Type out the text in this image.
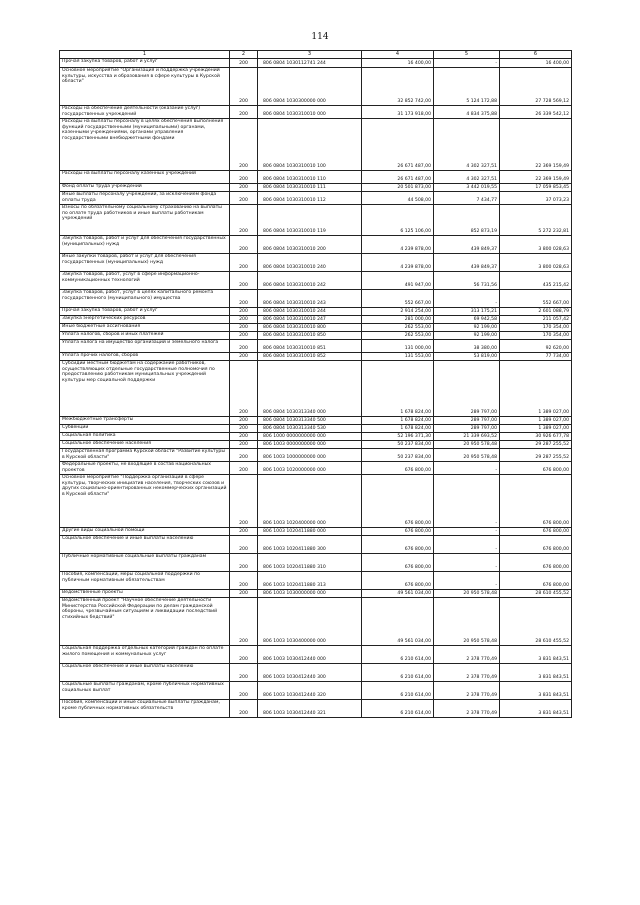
114
1	2	3	4	5	6
Прочая закупка товаров, работ и услуг	200	806 0804 1030112741 244	16 400,00	-	16 400,00
Основное мероприятие "Организация и поддержка учреждений культуры, искусства и образования в сфере культуры в Курской области"	200	806 0804 1030300000 000	32 852 742,00	5 124 172,88	27 728 569,12
Расходы на обеспечение деятельности (оказание услуг) государственных учреждений	200	806 0804 1030310010 000	31 173 918,00	4 834 375,88	26 339 542,12
Расходы на выплаты персоналу в целях обеспечения выполнения функций государственными (муниципальными) органами, казенными учреждениями, органами управления государственными внебюджетными фондами	200	806 0804 1030310010 100	26 671 487,00	4 302 327,51	22 369 159,49
Расходы на выплаты персоналу казенных учреждений	200	806 0804 1030310010 110	26 671 487,00	4 302 327,51	22 369 159,49
Фонд оплаты труда учреждений	200	806 0804 1030310010 111	20 501 873,00	3 442 019,55	17 059 853,45
Иные выплаты персоналу учреждений, за исключением фонда оплаты труда	200	806 0804 1030310010 112	44 508,00	7 434,77	37 073,23
Взносы по обязательному социальному страхованию на выплаты по оплате труда работников и иные выплаты работникам учреждений	200	806 0804 1030310010 119	6 125 106,00	852 873,19	5 272 232,81
Закупка товаров, работ и услуг для обеспечения государственных (муниципальных) нужд	200	806 0804 1030310010 200	4 239 878,00	439 849,37	3 800 028,63
Иные закупки товаров, работ и услуг для обеспечения государственных (муниципальных) нужд	200	806 0804 1030310010 240	4 239 878,00	439 849,37	3 800 028,63
Закупка товаров, работ, услуг в сфере информационно-коммуникационных технологий	200	806 0804 1030310010 242	491 947,00	56 731,56	435 215,42
Закупка товаров, работ, услуг в целях капитального ремонта государственного (муниципального) имущества	200	806 0804 1030310010 243	552 667,00	-	552 667,00
Прочая закупка товаров, работ и услуг	200	806 0804 1030310010 244	2 914 254,00	313 175,21	2 601 088,79
Закупка энергетических ресурсов	200	806 0804 1030310010 247	281 000,00	69 942,58	211 057,42
Иные бюджетные ассигнования	200	806 0804 1030310010 800	262 553,00	92 199,00	170 354,00
Уплата налогов, сборов и иных платежей	200	806 0804 1030310010 850	262 553,00	92 199,00	170 354,00
Уплата налога на имущество организаций и земельного налога	200	806 0804 1030310010 851	131 000,00	38 380,00	92 620,00
Уплата прочих налогов, сборов	200	806 0804 1030310010 852	131 553,00	53 819,00	77 734,00
Субсидии местным бюджетам на содержание работников, осуществляющих отдельные государственные полномочия по предоставлению работникам муниципальных учреждений культуры мер социальной поддержки	200	806 0804 1030313340 000	1 678 824,00	289 797,00	1 389 027,00
Межбюджетные трансферты	200	806 0804 1030313340 500	1 678 824,00	289 797,00	1 389 027,00
Субвенции	200	806 0804 1030313340 530	1 678 824,00	289 797,00	1 389 027,00
Социальная политика	200	806 1000 0000000000 000	52 196 371,30	21 339 693,52	30 926 677,78
Социальное обеспечение населения	200	806 1003 0000000000 000	50 237 834,00	20 950 578,48	29 287 255,52
Государственная программа Курской области "Развитие культуры в Курской области"	200	806 1003 1000000000 000	50 237 834,00	20 950 578,48	29 287 255,52
Федеральные проекты, не входящие в состав национальных проектов	200	806 1003 1020000000 000	676 800,00	-	676 800,00
Основное мероприятие "Поддержка организаций в сфере культуры, творческих инициатив населения, творческих союзов и других социально-ориентированных некоммерческих организаций в Курской области"	200	806 1003 1020400000 000	676 800,00	-	676 800,00
Другие виды социальной помощи	200	806 1003 1020411880 000	676 800,00	-	676 800,00
Социальное обеспечение и иные выплаты населению	200	806 1003 1020411880 300	676 800,00	-	676 800,00
Публичные нормативные социальные выплаты гражданам	200	806 1003 1020411880 310	676 800,00	-	676 800,00
Пособия, компенсации, меры социальной поддержки по публичным нормативным обязательствам	200	806 1003 1020411880 313	676 800,00	-	676 800,00
Ведомственные проекты	200	806 1003 1030000000 000	49 561 034,00	20 950 578,48	28 610 455,52
Ведомственный проект "Научное обеспечение деятельности Министерства Российской Федерации по делам гражданской обороны, чрезвычайным ситуациям и ликвидации последствий стихийных бедствий"	200	806 1003 1030400000 000	49 561 034,00	20 950 578,48	28 610 455,52
Социальная поддержка отдельных категорий граждан по оплате жилого помещения и коммунальных услуг	200	806 1003 1030412440 000	6 210 614,00	2 378 770,49	3 831 843,51
Социальное обеспечение и иные выплаты населению	200	806 1003 1030412440 300	6 210 614,00	2 378 770,49	3 831 843,51
Социальные выплаты гражданам, кроме публичных нормативных социальных выплат	200	806 1003 1030412440 320	6 210 614,00	2 378 770,49	3 831 843,51
Пособия, компенсации и иные социальные выплаты гражданам, кроме публичных нормативных обязательств	200	806 1003 1030412440 321	6 210 614,00	2 378 770,49	3 831 843,51
